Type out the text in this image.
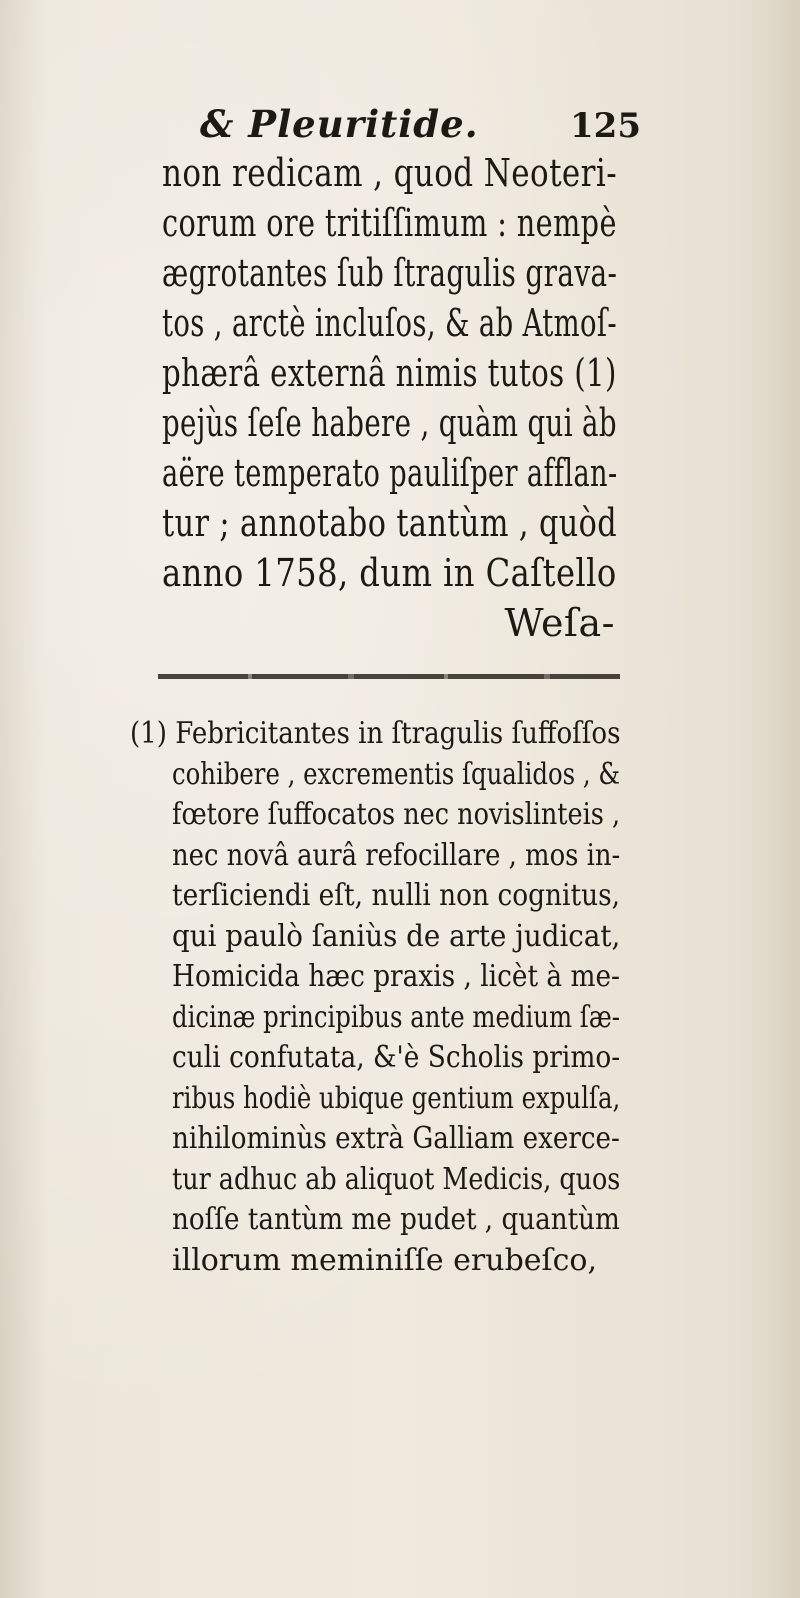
& Pleuritide.	125
non redicam , quod Neoteri-
corum ore tritiſſimum : nempè
ægrotantes ſub ſtragulis grava-
tos , arctè incluſos, & ab Atmoſ-
phærâ externâ nimis tutos (1)
pejùs ſeſe habere , quàm qui àb
aëre temperato pauliſper afflan-
tur ; annotabo tantùm , quòd
anno 1758, dum in Caſtello
Weſa-
(1) Febricitantes in ſtragulis ſuffoſſos
cohibere , excrementis ſqualidos , &
fœtore ſuffocatos nec novislinteis ,
nec novâ aurâ refocillare , mos in-
terſiciendi eſt, nulli non cognitus,
qui paulò ſaniùs de arte judicat,
Homicida hæc praxis , licèt à me-
dicinæ principibus ante medium ſæ-
culi confutata, &'è Scholis primo-
ribus hodiè ubique gentium expulſa,
nihilominùs extrà Galliam exerce-
tur adhuc ab aliquot Medicis, quos
noſſe tantùm me pudet , quantùm
illorum meminiſſe erubeſco,
